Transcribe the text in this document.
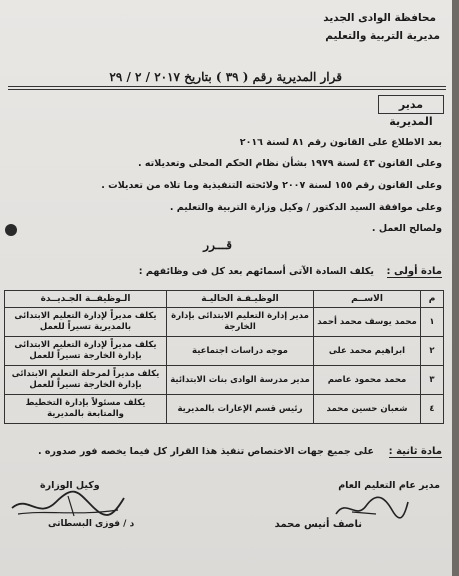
محافظة الوادى الجديد
مديرية التربية والتعليم
قرار المديرية رقم ( ٣٩ ) بتاريخ ٢٠١٧ / ٢ / ٢٩
مدير المديرية
بعد الاطلاع على القانون رقم ٨١ لسنة ٢٠١٦
وعلى القانون ٤٣ لسنة ١٩٧٩ بشأن نظام الحكم المحلى وتعديلاته .
وعلى القانون رقم ١٥٥ لسنة ٢٠٠٧ ولائحته التنفيذية وما تلاه من تعديلات .
وعلى موافقة السيد الدكتور / وكيل وزارة التربية والتعليم .
ولصالح العمل .
قـــرر
مادة أولى :
يكلف السادة الآتى أسمائهم بعد كل فى وظائفهم :
م	الاســم	الوظيـفـة الحاليـة	الـوظيفــة الجـديــدة
١	محمد يوسف محمد أحمد	مدير إدارة التعليم الابتدائى بإدارة الخارجة	يكلف مديراً لإدارة التعليم الابتدائى بالمديرية تسيراً للعمل
٢	ابراهيم محمد على	موجه دراسات اجتماعية	يكلف مديراً لإدارة التعليم الابتدائى بإدارة الخارجة تسيراً للعمل
٣	محمد محمود عاصم	مدير مدرسة الوادى بنات الابتدائية	يكلف مديراً لمرحلة التعليم الابتدائى بإدارة الخارجة تسيراً للعمل
٤	شعبان حسين محمد	رئيس قسم الإعارات بالمديرية	يكلف مسئولاً بإدارة التخطيط والمتابعة بالمديرية
مادة ثانية :
على جميع جهات الاختصاص تنفيذ هذا القرار كل فيما يخصه فور صدوره .
مدير عام التعليم العام
وكيل الوزارة
ناصف أنيس محمد
د / فوزى البسطاتى
